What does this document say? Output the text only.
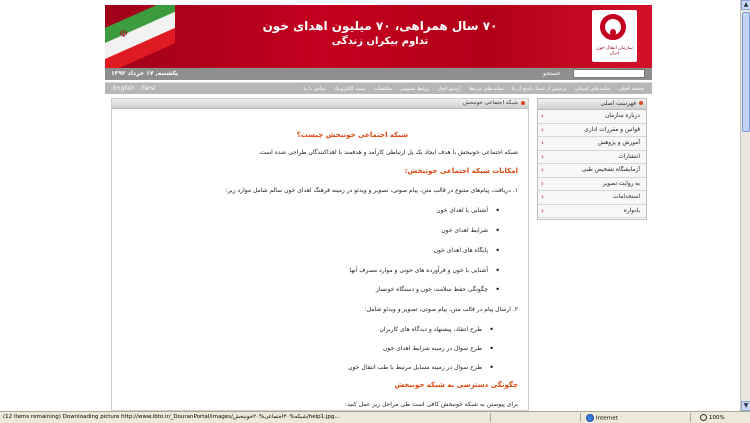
☫
۷۰ سال همراهی، ۷۰ میلیون اهدای خون
تداوم بیکران زندگی
سازمان انتقال خون ایران
یکشنبه, ۱۷ خرداد ۱۳۹۲	جستجو
English Farsi	صفحه اصلی سایت‌های استانی پرسش از شما، پاسخ از ما سایت‌های مرتبط آرشیو اخبار روابط عمومی مناقصات پست الکترونیک تماس با ما
شبکه اجتماعی خونبخش
شبکه اجتماعی خونبخش چیست؟
شبکه اجتماعی خونبخش با هدف ایجاد یک پل ارتباطی کارآمد و هدفمند با اهداکنندگان طراحی شده است.
امکانات شبکه اجتماعی خونبخش:
۱. دریافت، پیام‌های متنوع در قالب متن، پیام صوتی، تصویر و ویدئو در زمینه فرهنگ اهدای خون سالم شامل موارد زیر:
آشنایی با اهدای خون •
شرایط اهدای خون •
پایگاه های اهدای خون •
آشنایی با خون و فرآورده های خونی و موارد مصرف آنها •
چگونگی حفظ سلامت خون و دستگاه خونساز •
۲. ارسال پیام در قالب متن، پیام صوتی، تصویر و ویدئو شامل:
طرح انتقاد، پیشنهاد و دیدگاه های کاربران •
طرح سوال در زمینه شرایط اهدای خون •
طرح سوال در زمینه مسایل مرتبط با طب انتقال خون •
چگونگی دسترسی به شبکه خونبخش
برای پیوستن به شبکه خونبخش کافی است طی مراحل زیر عمل کنید:
فهرست اصلی
‹ درباره سازمان
‹ قوانین و مقررات اداری
‹ آموزش و پژوهش
‹ انتشارات
‹ آزمایشگاه تشخیص طبی
‹ به روایت تصویر
‹ استخدامات
‹ یادواره
▲
▼
(12 items remaining) Downloading picture http://www.ibto.ir/_DouranPortal/images/شبکه%۲۰اجتماعی%۲۰خونبخش/help1.jpg...	Internet	100%
